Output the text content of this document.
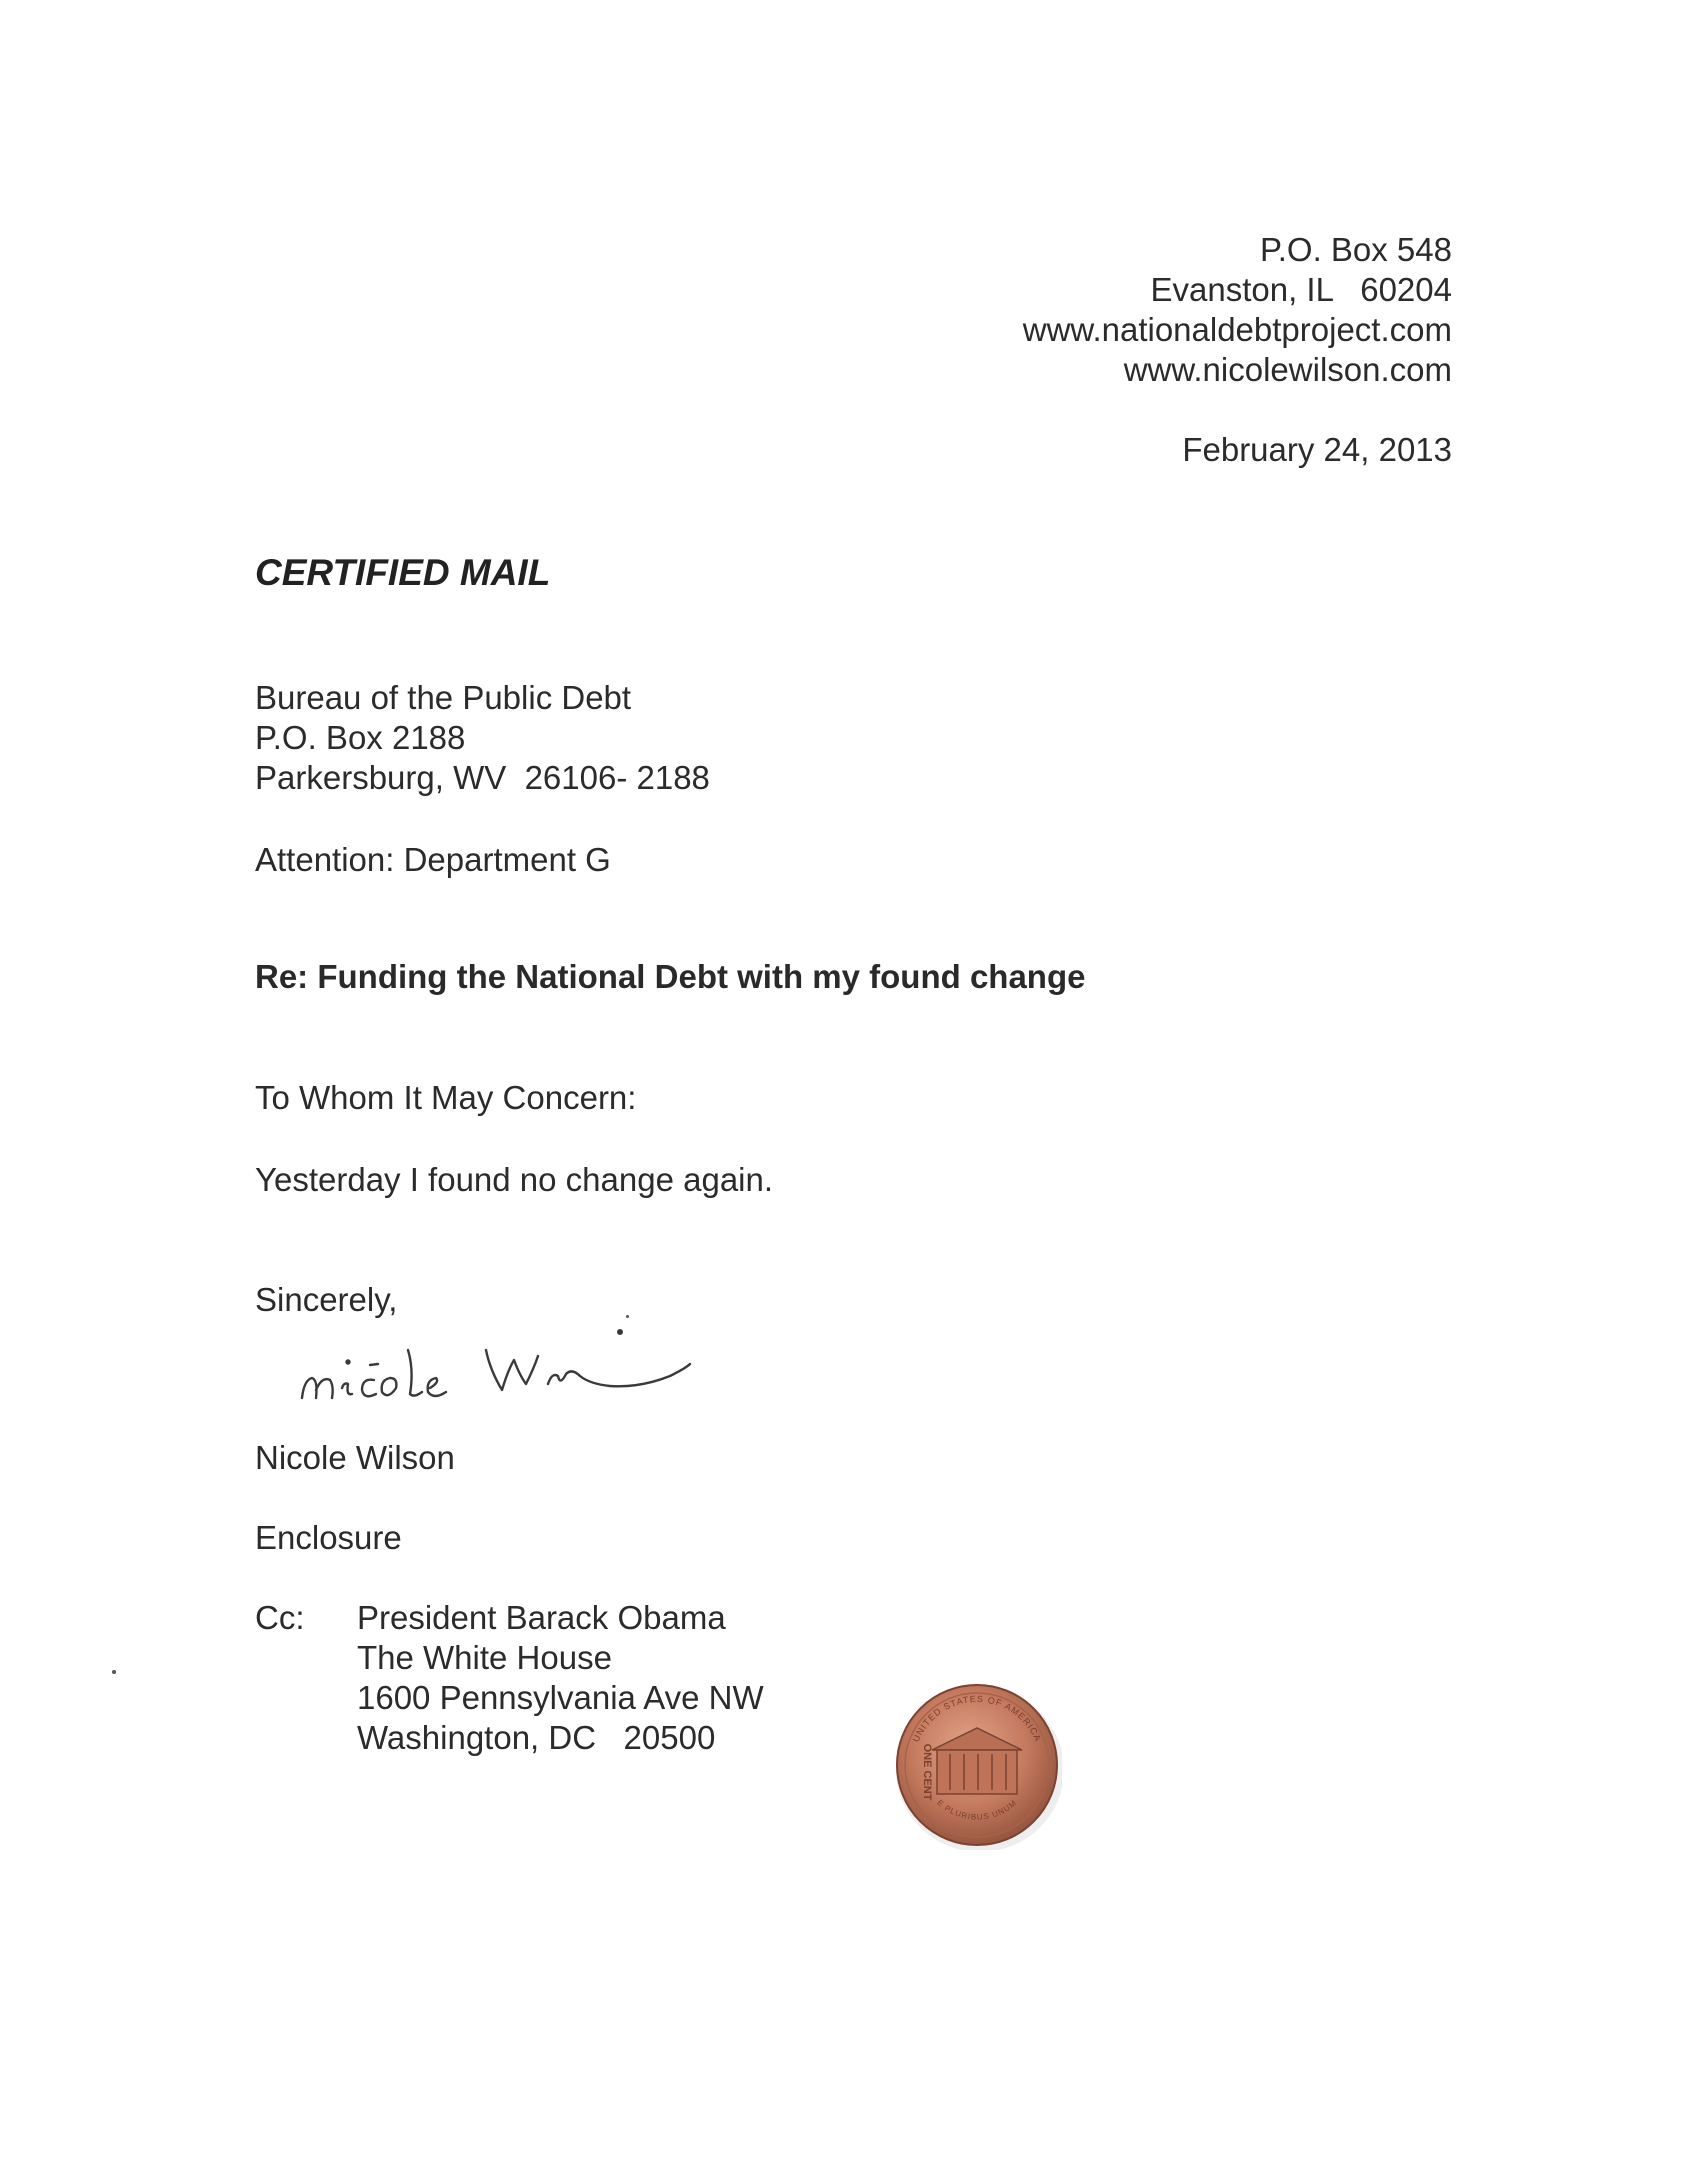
P.O. Box 548
Evanston, IL   60204
www.nationaldebtproject.com
www.nicolewilson.com
February 24, 2013
CERTIFIED MAIL
Bureau of the Public Debt
P.O. Box 2188
Parkersburg, WV  26106- 2188
Attention: Department G
Re: Funding the National Debt with my found change
To Whom It May Concern:
Yesterday I found no change again.
Sincerely,
Nicole Wilson
Enclosure
Cc: President Barack Obama
The White House
1600 Pennsylvania Ave NW
Washington, DC   20500	UNITED STATES OF AMERICA
E PLURIBUS UNUM
ONE CENT
